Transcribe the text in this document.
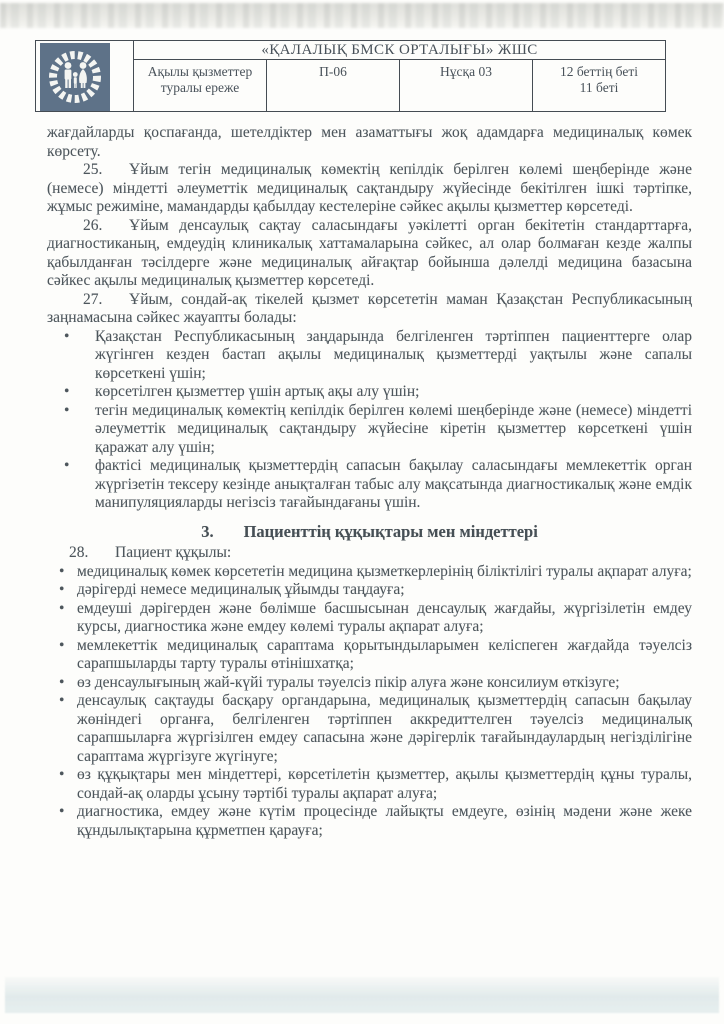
	«ҚАЛАЛЫҚ БМСК ОРТАЛЫҒЫ» ЖШС			
	Ақылы қызметтер туралы ереже	П-06	Нұсқа 03	12 беттің беті
11 беті

жағдайларды қоспағанда, шетелдіктер мен азаматтығы жоқ адамдарға медициналық көмек көрсету.

25. Ұйым тегін медициналық көмектің кепілдік берілген көлемі шеңберінде және (немесе) міндетті әлеуметтік медициналық сақтандыру жүйесінде бекітілген ішкі тәртіпке, жұмыс режиміне, мамандарды қабылдау кестелеріне сәйкес ақылы қызметтер көрсетеді.

26. Ұйым денсаулық сақтау саласындағы уәкілетті орган бекітетін стандарттарға, диагностиканың, емдеудің клиникалық хаттамаларына сәйкес, ал олар болмаған кезде жалпы қабылданған тәсілдерге және медициналық айғақтар бойынша дәлелді медицина базасына сәйкес ақылы медициналық қызметтер көрсетеді.

27. Ұйым, сондай-ақ тікелей қызмет көрсететін маман Қазақстан Республикасының заңнамасына сәйкес жауапты болады:

• Қазақстан Республикасының заңдарында белгіленген тәртіппен пациенттерге олар жүгінген кезден бастап ақылы медициналық қызметтерді уақтылы және сапалы көрсеткені үшін;
• көрсетілген қызметтер үшін артық ақы алу үшін;
• тегін медициналық көмектің кепілдік берілген көлемі шеңберінде және (немесе) міндетті әлеуметтік медициналық сақтандыру жүйесіне кіретін қызметтер көрсеткені үшін қаражат алу үшін;
• фактісі медициналық қызметтердің сапасын бақылау саласындағы мемлекеттік орган жүргізетін тексеру кезінде анықталған табыс алу мақсатында диагностикалық және емдік манипуляцияларды негізсіз тағайындағаны үшін.
3. Пациенттің құқықтары мен міндеттері

28. Пациент құқылы:

• медициналық көмек көрсететін медицина қызметкерлерінің біліктілігі туралы ақпарат алуға;
• дәрігерді немесе медициналық ұйымды таңдауға;
• емдеуші дәрігерден және бөлімше басшысынан денсаулық жағдайы, жүргізілетін емдеу курсы, диагностика және емдеу көлемі туралы ақпарат алуға;
• мемлекеттік медициналық сараптама қорытындыларымен келіспеген жағдайда тәуелсіз сарапшыларды тарту туралы өтінішхатқа;
• өз денсаулығының жай-күйі туралы тәуелсіз пікір алуға және консилиум өткізуге;
• денсаулық сақтауды басқару органдарына, медициналық қызметтердің сапасын бақылау жөніндегі органға, белгіленген тәртіппен аккредиттелген тәуелсіз медициналық сарапшыларға жүргізілген емдеу сапасына және дәрігерлік тағайындаулардың негізділігіне сараптама жүргізуге жүгінуге;
• өз құқықтары мен міндеттері, көрсетілетін қызметтер, ақылы қызметтердің құны туралы, сондай-ақ оларды ұсыну тәртібі туралы ақпарат алуға;
• диагностика, емдеу және күтім процесінде лайықты емдеуге, өзінің мәдени және жеке құндылықтарына құрметпен қарауға;
